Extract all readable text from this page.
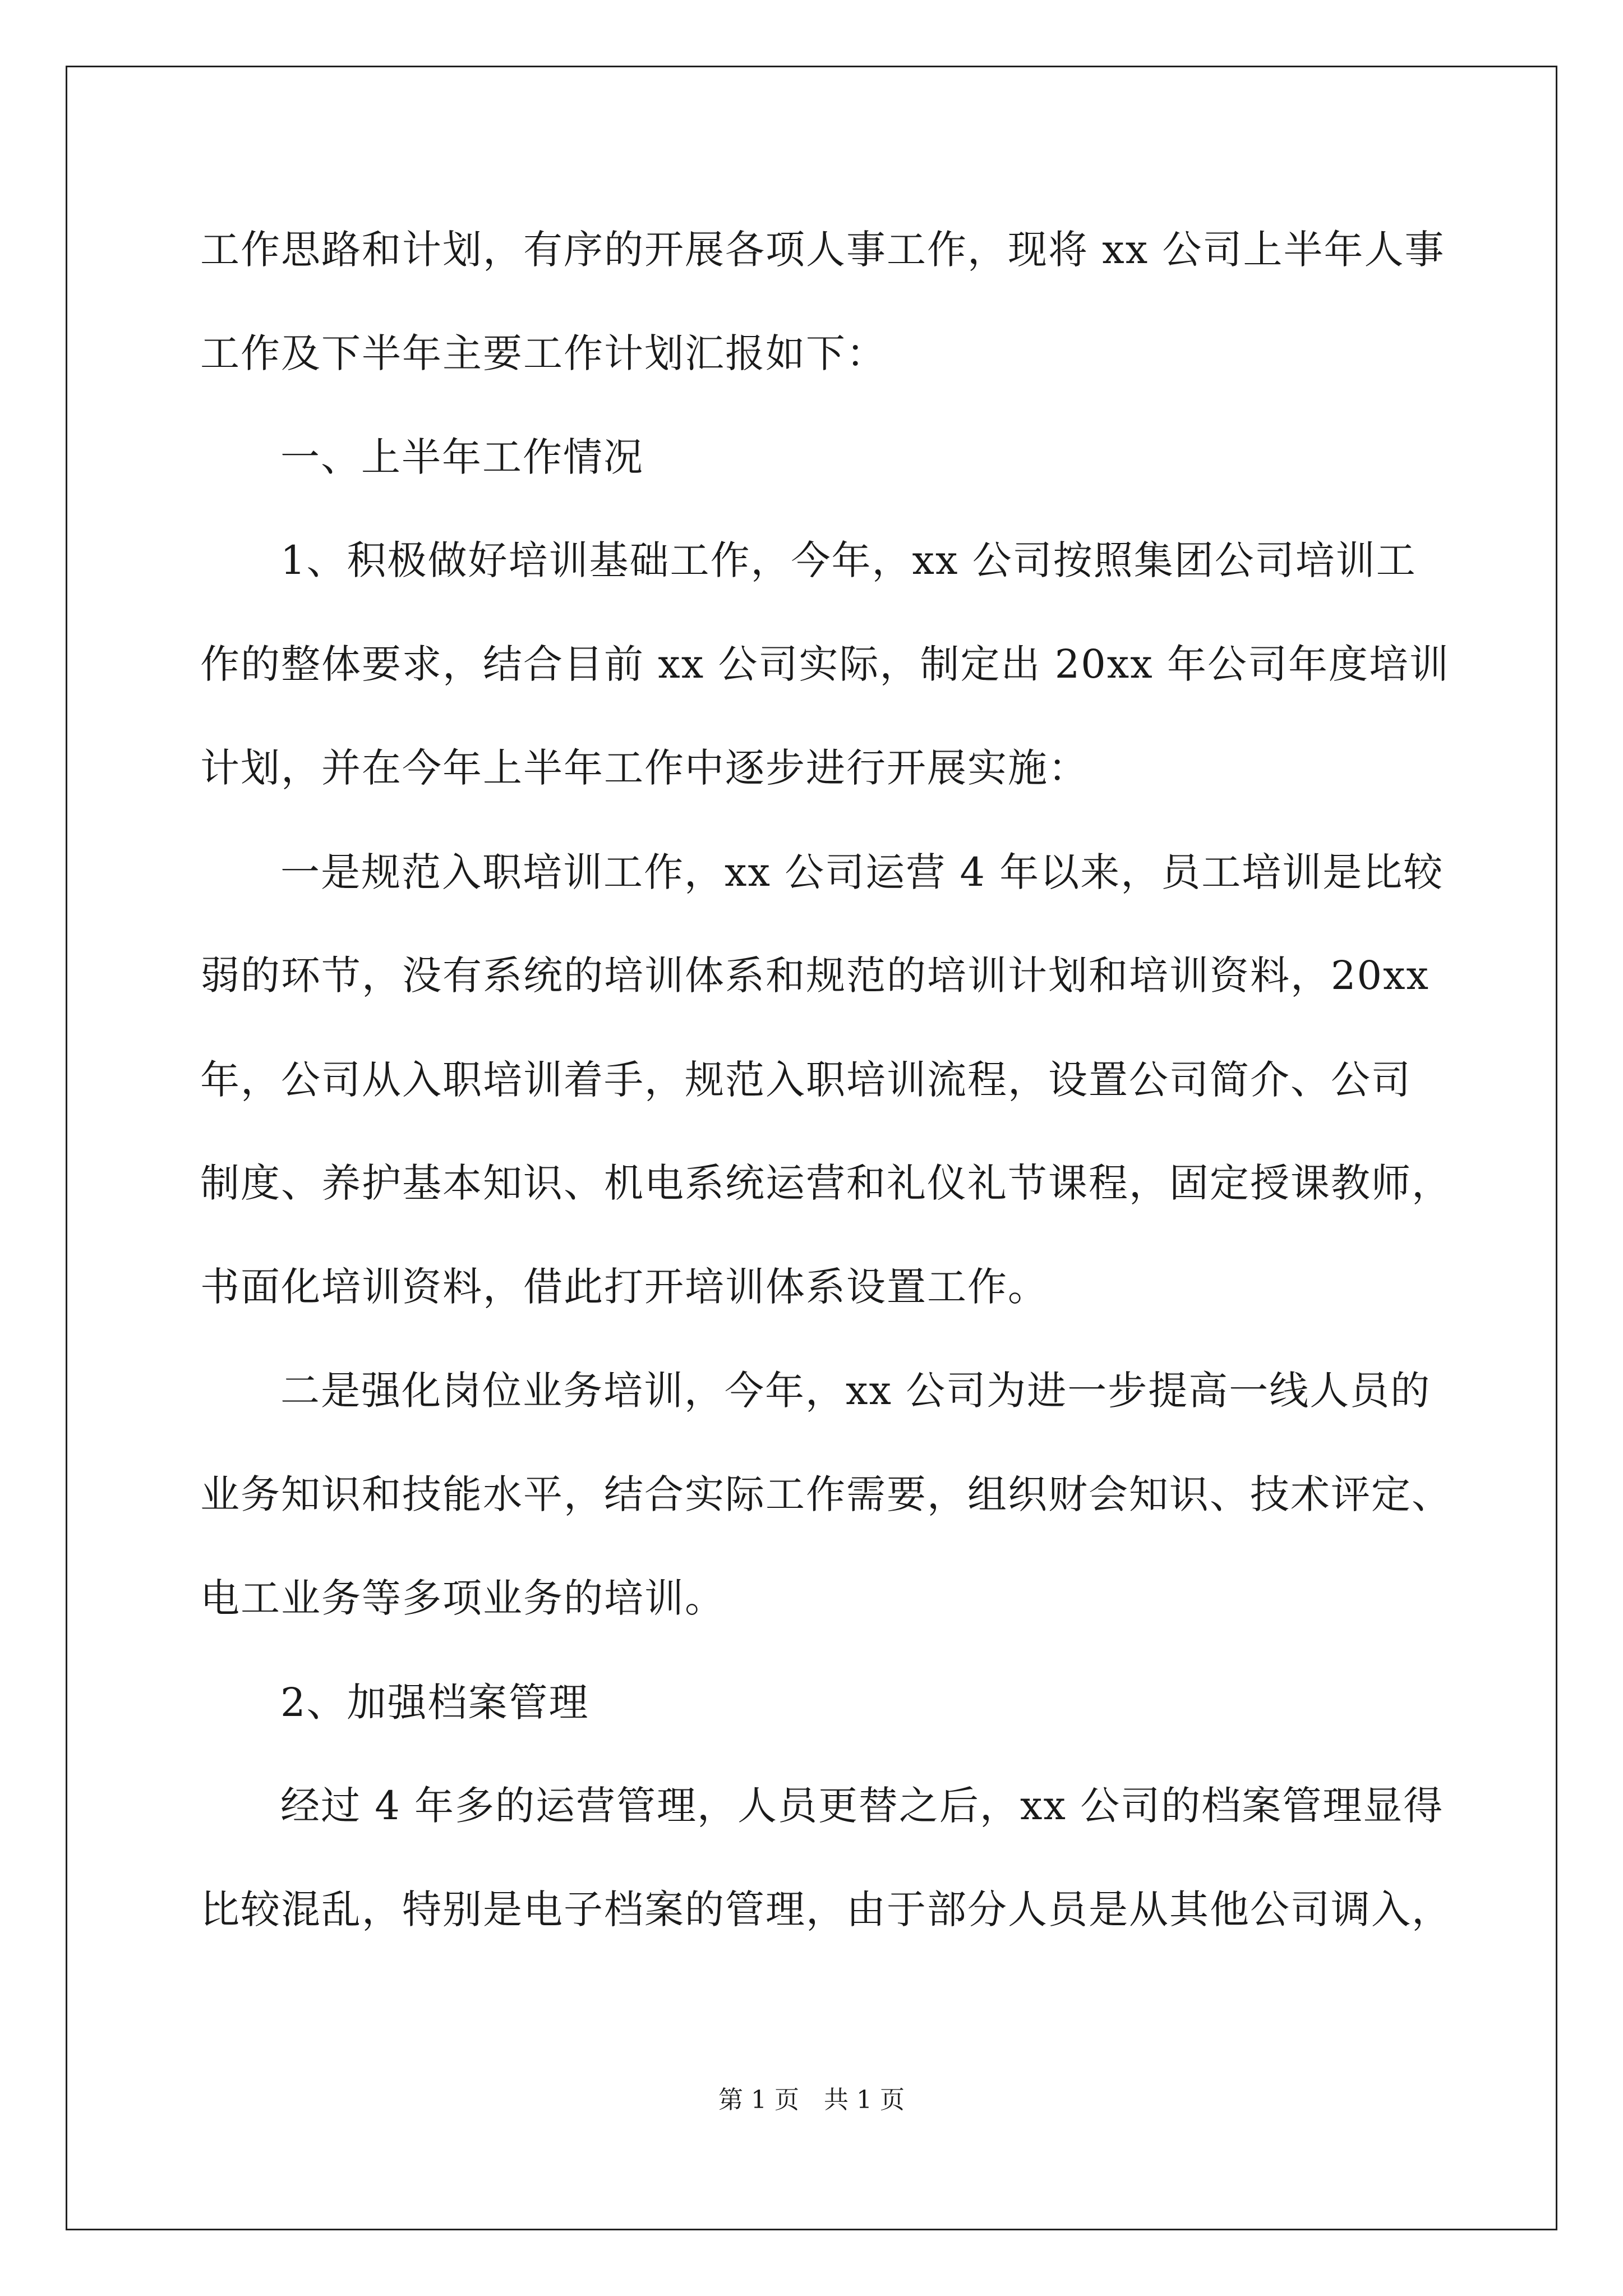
工作思路和计划，有序的开展各项人事工作，现将 xx 公司上半年人事
工作及下半年主要工作计划汇报如下：
一、上半年工作情况
1、积极做好培训基础工作，今年，xx 公司按照集团公司培训工
作的整体要求，结合目前 xx 公司实际，制定出 20xx 年公司年度培训
计划，并在今年上半年工作中逐步进行开展实施：
一是规范入职培训工作，xx 公司运营 4 年以来，员工培训是比较
弱的环节，没有系统的培训体系和规范的培训计划和培训资料，20xx
年，公司从入职培训着手，规范入职培训流程，设置公司简介、公司
制度、养护基本知识、机电系统运营和礼仪礼节课程，固定授课教师，
书面化培训资料，借此打开培训体系设置工作。
二是强化岗位业务培训，今年，xx 公司为进一步提高一线人员的
业务知识和技能水平，结合实际工作需要，组织财会知识、技术评定、
电工业务等多项业务的培训。
2、加强档案管理
经过 4 年多的运营管理，人员更替之后，xx 公司的档案管理显得
比较混乱，特别是电子档案的管理，由于部分人员是从其他公司调入，
第 1 页　共 1 页
